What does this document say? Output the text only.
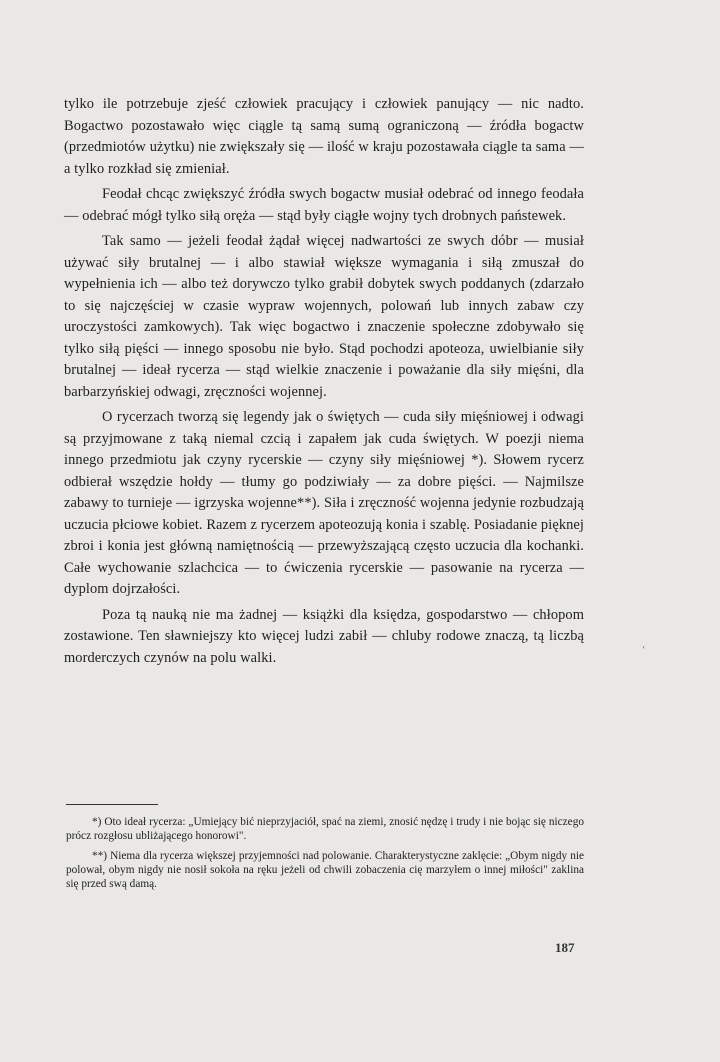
tylko ile potrzebuje zjeść człowiek pracujący i człowiek panujący — nic nadto. Bogactwo pozostawało więc ciągle tą samą sumą ograniczoną — źródła bogactw (przedmiotów użytku) nie zwiększały się — ilość w kraju pozostawała ciągle ta sama — a tylko rozkład się zmieniał.

Feodał chcąc zwiększyć źródła swych bogactw musiał odebrać od innego feodała — odebrać mógł tylko siłą oręża — stąd były ciągłe wojny tych drobnych państewek.

Tak samo — jeżeli feodał żądał więcej nadwartości ze swych dóbr — musiał używać siły brutalnej — i albo stawiał większe wymagania i siłą zmuszał do wypełnienia ich — albo też dorywczo tylko grabił dobytek swych poddanych (zdarzało to się najczęściej w czasie wypraw wojennych, polowań lub innych zabaw czy uroczystości zamkowych). Tak więc bogactwo i znaczenie społeczne zdobywało się tylko siłą pięści — innego sposobu nie było. Stąd pochodzi apoteoza, uwielbianie siły brutalnej — ideał rycerza — stąd wielkie znaczenie i poważanie dla siły mięśni, dla barbarzyńskiej odwagi, zręczności wojennej.

O rycerzach tworzą się legendy jak o świętych — cuda siły mięśniowej i odwagi są przyjmowane z taką niemal czcią i zapałem jak cuda świętych. W poezji niema innego przedmiotu jak czyny rycerskie — czyny siły mięśniowej *). Słowem rycerz odbierał wszędzie hołdy — tłumy go podziwiały — za dobre pięści. — Najmilsze zabawy to turnieje — igrzyska wojenne**). Siła i zręczność wojenna jedynie rozbudzają uczucia płciowe kobiet. Razem z rycerzem apoteozują konia i szablę. Posiadanie pięknej zbroi i konia jest główną namiętnością — przewyższającą często uczucia dla kochanki. Całe wychowanie szlachcica — to ćwiczenia rycerskie — pasowanie na rycerza — dyplom dojrzałości.

Poza tą nauką nie ma żadnej — książki dla księdza, gospodarstwo — chłopom zostawione. Ten sławniejszy kto więcej ludzi zabił — chluby rodowe znaczą, tą liczbą morderczych czynów na polu walki.

*) Oto ideał rycerza: „Umiejący bić nieprzyjaciół, spać na ziemi, znosić nędzę i trudy i nie bojąc się niczego prócz rozgłosu ubliżającego honorowi".

**) Niema dla rycerza większej przyjemności nad polowanie. Charakterystyczne zaklęcie: „Obym nigdy nie polował, obym nigdy nie nosił sokoła na ręku jeżeli od chwili zobaczenia cię marzyłem o innej miłości" zaklina się przed swą damą.

‘
187
